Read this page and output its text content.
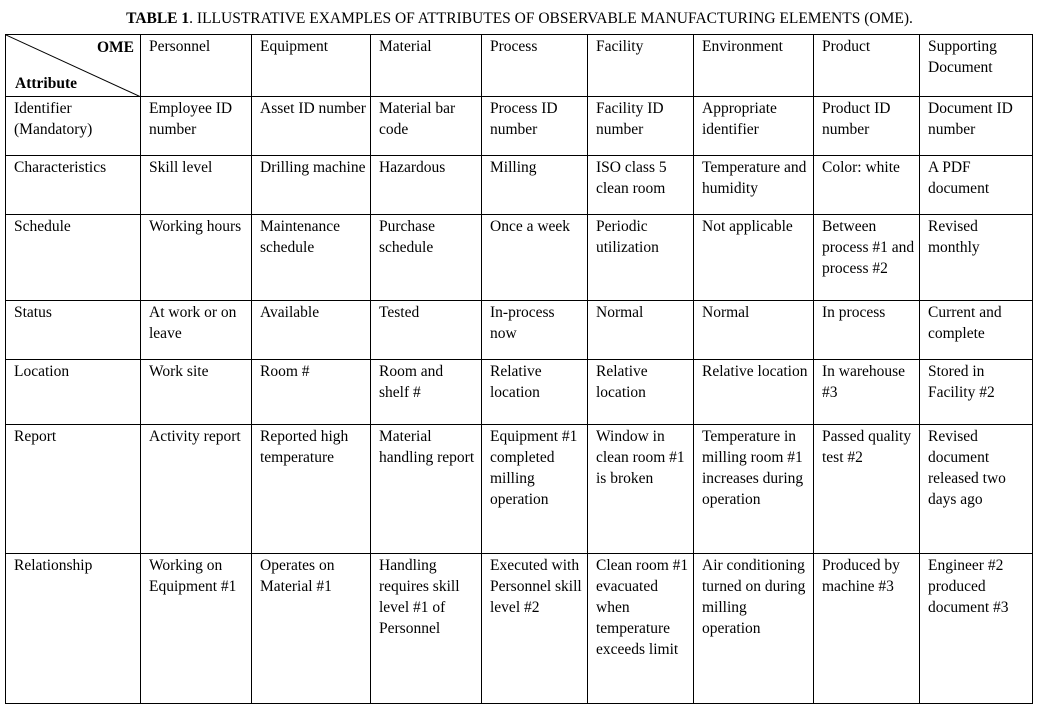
TABLE 1. ILLUSTRATIVE EXAMPLES OF ATTRIBUTES OF OBSERVABLE MANUFACTURING ELEMENTS (OME).
OME
Attribute	Personnel	Equipment	Material	Process	Facility	Environment	Product	Supporting Document
Identifier (Mandatory)	Employee ID number	Asset ID number	Material bar code	Process ID number	Facility ID number	Appropriate identifier	Product ID number	Document ID number
Characteristics	Skill level	Drilling machine	Hazardous	Milling	ISO class 5 clean room	Temperature and humidity	Color: white	A PDF document
Schedule	Working hours	Maintenance schedule	Purchase schedule	Once a week	Periodic utilization	Not applicable	Between process #1 and process #2	Revised monthly
Status	At work or on leave	Available	Tested	In-process now	Normal	Normal	In process	Current and complete
Location	Work site	Room #	Room and shelf #	Relative location	Relative location	Relative location	In warehouse #3	Stored in Facility #2
Report	Activity report	Reported high temperature	Material handling report	Equipment #1 completed milling operation	Window in clean room #1 is broken	Temperature in milling room #1 increases during operation	Passed quality test #2	Revised document released two days ago
Relationship	Working on Equipment #1	Operates on Material #1	Handling requires skill level #1 of Personnel	Executed with Personnel skill level #2	Clean room #1 evacuated when temperature exceeds limit	Air conditioning turned on during milling operation	Produced by machine #3	Engineer #2 produced document #3
